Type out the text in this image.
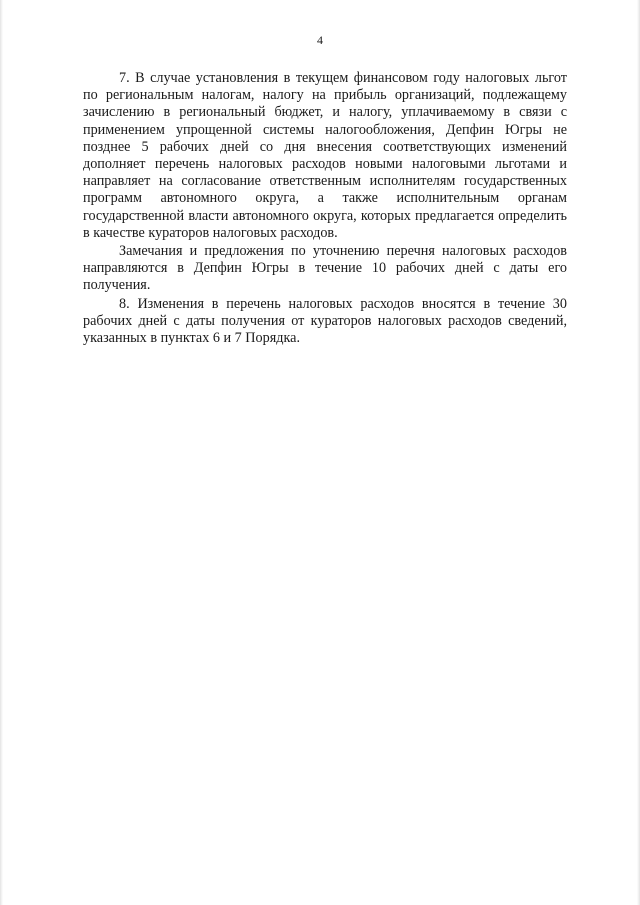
4

7. В случае установления в текущем финансовом году налоговых льгот по региональным налогам, налогу на прибыль организаций, подлежащему зачислению в региональный бюджет, и налогу, уплачиваемому в связи с применением упрощенной системы налогообложения, Депфин Югры не позднее 5 рабочих дней со дня внесения соответствующих изменений дополняет перечень налоговых расходов новыми налоговыми льготами и направляет на согласование ответственным исполнителям государственных программ автономного округа, а также исполнительным органам государственной власти автономного округа, которых предлагается определить в качестве кураторов налоговых расходов.

Замечания и предложения по уточнению перечня налоговых расходов направляются в Депфин Югры в течение 10 рабочих дней с даты его получения.

8. Изменения в перечень налоговых расходов вносятся в течение 30 рабочих дней с даты получения от кураторов налоговых расходов сведений, указанных в пунктах 6 и 7 Порядка.
